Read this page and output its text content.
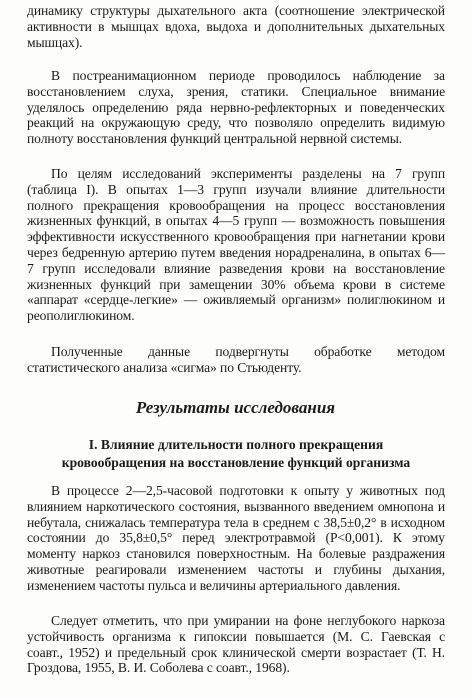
динамику структуры дыхательного акта (соотношение электрической активности в мышцах вдоха, выдоха и дополнительных дыхательных мышцах).

В постреанимационном периоде проводилось наблюдение за восстановлением слуха, зрения, статики. Специальное внимание уделялось определению ряда нервно-рефлекторных и поведенческих реакций на окружающую среду, что позволяло определить видимую полноту восстановления функций центральной нервной системы.

По целям исследований эксперименты разделены на 7 групп (таблица I). В опытах 1—3 групп изучали влияние длительности полного прекращения кровообращения на процесс восстановления жизненных функций, в опытах 4—5 групп — возможность повышения эффективности искусственного кровообращения при нагнетании крови через бедренную артерию путем введения норадреналина, в опытах 6—7 групп исследовали влияние разведения крови на восстановление жизненных функций при замещении 30% объема крови в системе «аппарат «сердце-легкие» — оживляемый организм» полиглюкином и реополиглюкином.

Полученные данные подвергнуты обработке методом статистического анализа «сигма» по Стьюденту.

Результаты исследования
I. Влияние длительности полного прекращения
кровообращения на восстановление функций организма

В процессе 2—2,5-часовой подготовки к опыту у животных под влиянием наркотического состояния, вызванного введением омнопона и небутала, снижалась температура тела в среднем с 38,5±0,2° в исходном состоянии до 35,8±0,5° перед электротравмой (P<0,001). К этому моменту наркоз становился поверхностным. На болевые раздражения животные реагировали изменением частоты и глубины дыхания, изменением частоты пульса и величины артериального давления.

Следует отметить, что при умирании на фоне неглубокого наркоза устойчивость организма к гипоксии повышается (М. С. Гаевская с соавт., 1952) и предельный срок клинической смерти возрастает (Т. Н. Гроздова, 1955, В. И. Соболева с соавт., 1968).
